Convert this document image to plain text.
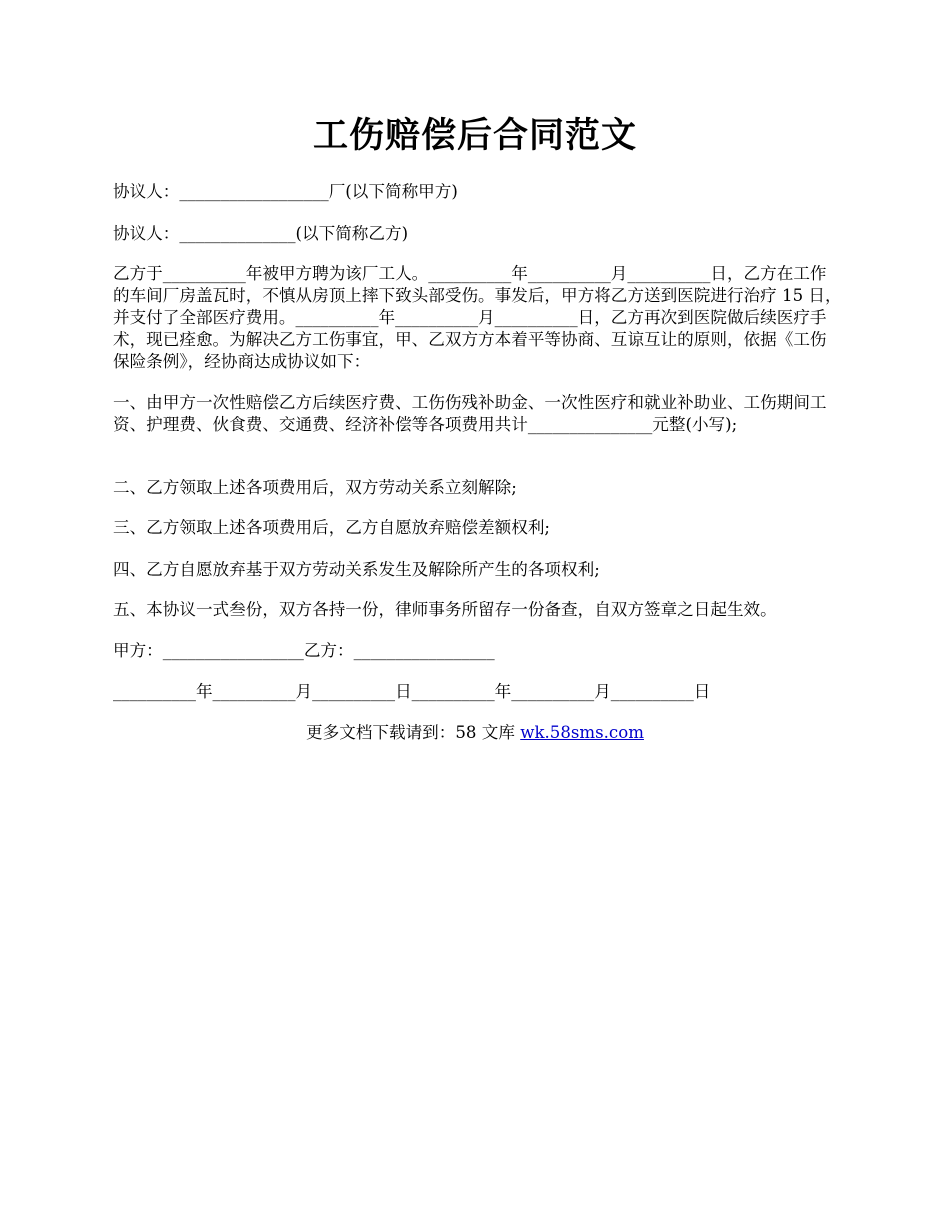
工伤赔偿后合同范文
协议人：__________________厂(以下简称甲方)
协议人：______________(以下简称乙方)
乙方于__________年被甲方聘为该厂工人。__________年__________月__________日，乙方在工作的车间厂房盖瓦时，不慎从房顶上摔下致头部受伤。事发后，甲方将乙方送到医院进行治疗 15 日，并支付了全部医疗费用。__________年__________月__________日，乙方再次到医院做后续医疗手术，现已痊愈。为解决乙方工伤事宜，甲、乙双方方本着平等协商、互谅互让的原则，依据《工伤保险条例》，经协商达成协议如下：
一、由甲方一次性赔偿乙方后续医疗费、工伤伤残补助金、一次性医疗和就业补助业、工伤期间工资、护理费、伙食费、交通费、经济补偿等各项费用共计_______________元整(小写);
二、乙方领取上述各项费用后，双方劳动关系立刻解除;
三、乙方领取上述各项费用后，乙方自愿放弃赔偿差额权利;
四、乙方自愿放弃基于双方劳动关系发生及解除所产生的各项权利;
五、本协议一式叁份，双方各持一份，律师事务所留存一份备查，自双方签章之日起生效。
甲方：_________________乙方：_________________
__________年__________月__________日__________年__________月__________日
更多文档下载请到：58 文库 wk.58sms.com
